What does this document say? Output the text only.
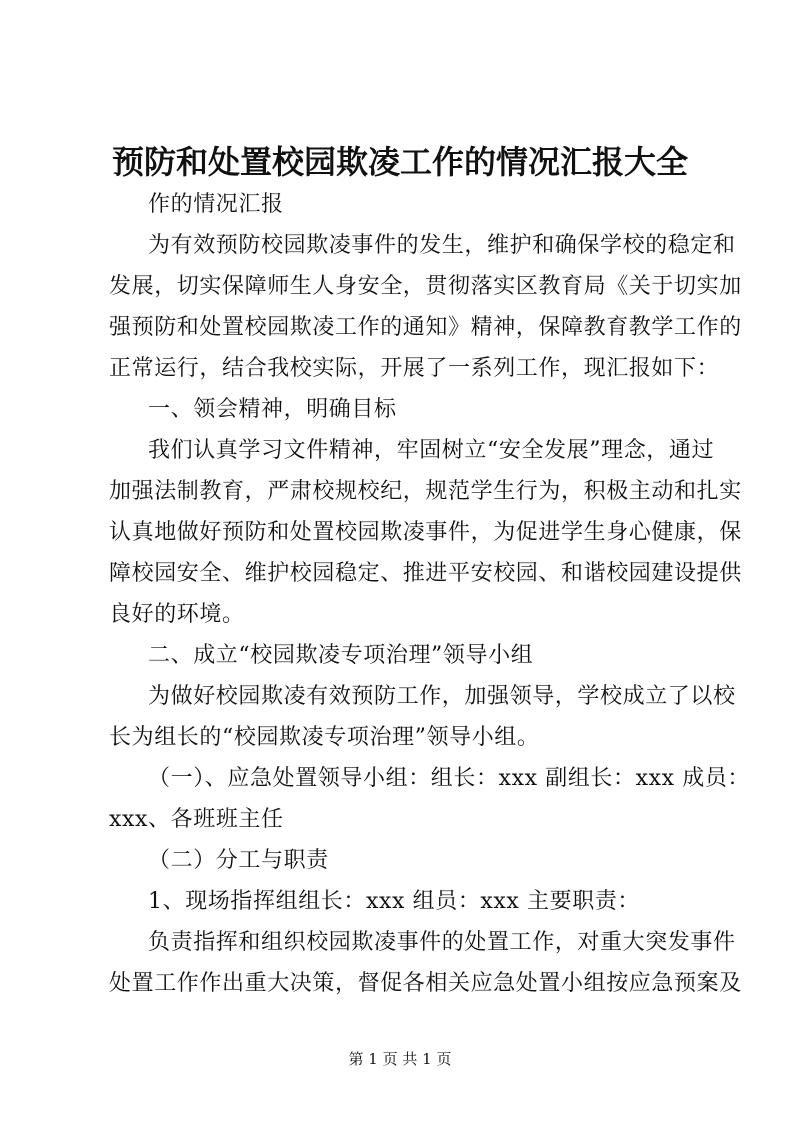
预防和处置校园欺凌工作的情况汇报大全
作的情况汇报
为有效预防校园欺凌事件的发生，维护和确保学校的稳定和
发展，切实保障师生人身安全，贯彻落实区教育局《关于切实加
强预防和处置校园欺凌工作的通知》精神，保障教育教学工作的
正常运行，结合我校实际，开展了一系列工作，现汇报如下：
一、领会精神，明确目标
我们认真学习文件精神，牢固树立“安全发展”理念，通过
加强法制教育，严肃校规校纪，规范学生行为，积极主动和扎实
认真地做好预防和处置校园欺凌事件，为促进学生身心健康，保
障校园安全、维护校园稳定、推进平安校园、和谐校园建设提供
良好的环境。
二、成立“校园欺凌专项治理”领导小组
为做好校园欺凌有效预防工作，加强领导，学校成立了以校
长为组长的“校园欺凌专项治理”领导小组。
（一）、应急处置领导小组：组长：xxx 副组长：xxx 成员：
xxx、各班班主任
（二）分工与职责
1、现场指挥组组长：xxx 组员：xxx 主要职责：
负责指挥和组织校园欺凌事件的处置工作，对重大突发事件
处置工作作出重大决策，督促各相关应急处置小组按应急预案及
第 1 页 共 1 页
